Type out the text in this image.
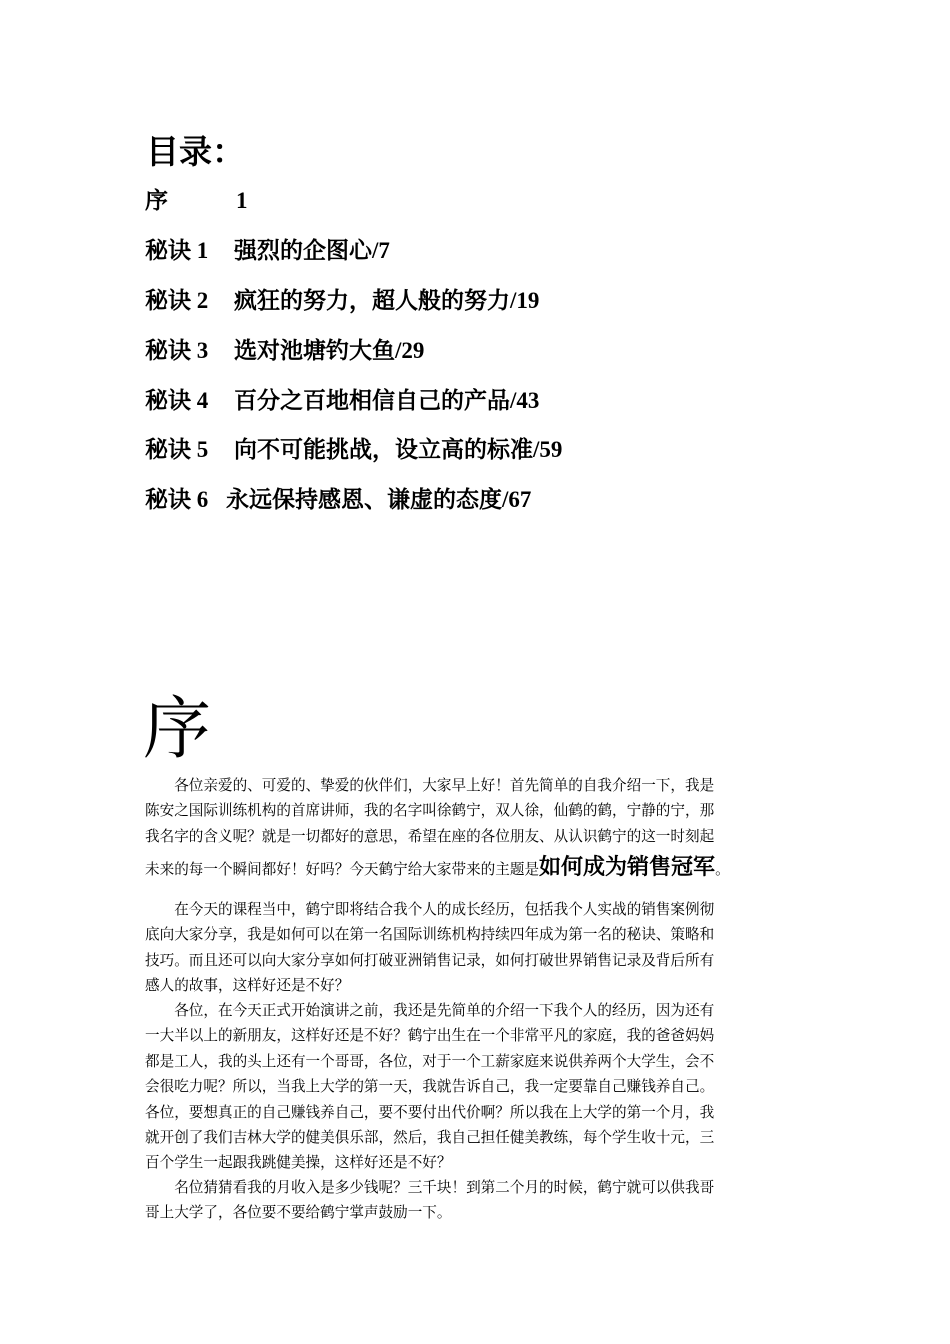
目录：
序	1
秘诀 1 强烈的企图心/7
秘诀 2 疯狂的努力，超人般的努力/19
秘诀 3 选对池塘钓大鱼/29
秘诀 4 百分之百地相信自己的产品/43
秘诀 5 向不可能挑战，设立高的标准/59
秘诀 6 永远保持感恩、谦虚的态度/67
序
各位亲爱的、可爱的、挚爱的伙伴们，大家早上好！首先简单的自我介绍一下，我是
陈安之国际训练机构的首席讲师，我的名字叫徐鹤宁，双人徐，仙鹤的鹤，宁静的宁，那
我名字的含义呢？就是一切都好的意思，希望在座的各位朋友、从认识鹤宁的这一时刻起
未来的每一个瞬间都好！好吗？今天鹤宁给大家带来的主题是如何成为销售冠军。
在今天的课程当中，鹤宁即将结合我个人的成长经历，包括我个人实战的销售案例彻
底向大家分享，我是如何可以在第一名国际训练机构持续四年成为第一名的秘诀、策略和
技巧。而且还可以向大家分享如何打破亚洲销售记录，如何打破世界销售记录及背后所有
感人的故事，这样好还是不好？
各位，在今天正式开始演讲之前，我还是先简单的介绍一下我个人的经历，因为还有
一大半以上的新朋友，这样好还是不好？鹤宁出生在一个非常平凡的家庭，我的爸爸妈妈
都是工人，我的头上还有一个哥哥，各位，对于一个工薪家庭来说供养两个大学生，会不
会很吃力呢？所以，当我上大学的第一天，我就告诉自己，我一定要靠自己赚钱养自己。
各位，要想真正的自己赚钱养自己，要不要付出代价啊？所以我在上大学的第一个月，我
就开创了我们吉林大学的健美俱乐部，然后，我自己担任健美教练，每个学生收十元，三
百个学生一起跟我跳健美操，这样好还是不好？
名位猜猜看我的月收入是多少钱呢？三千块！到第二个月的时候，鹤宁就可以供我哥
哥上大学了，各位要不要给鹤宁掌声鼓励一下。
